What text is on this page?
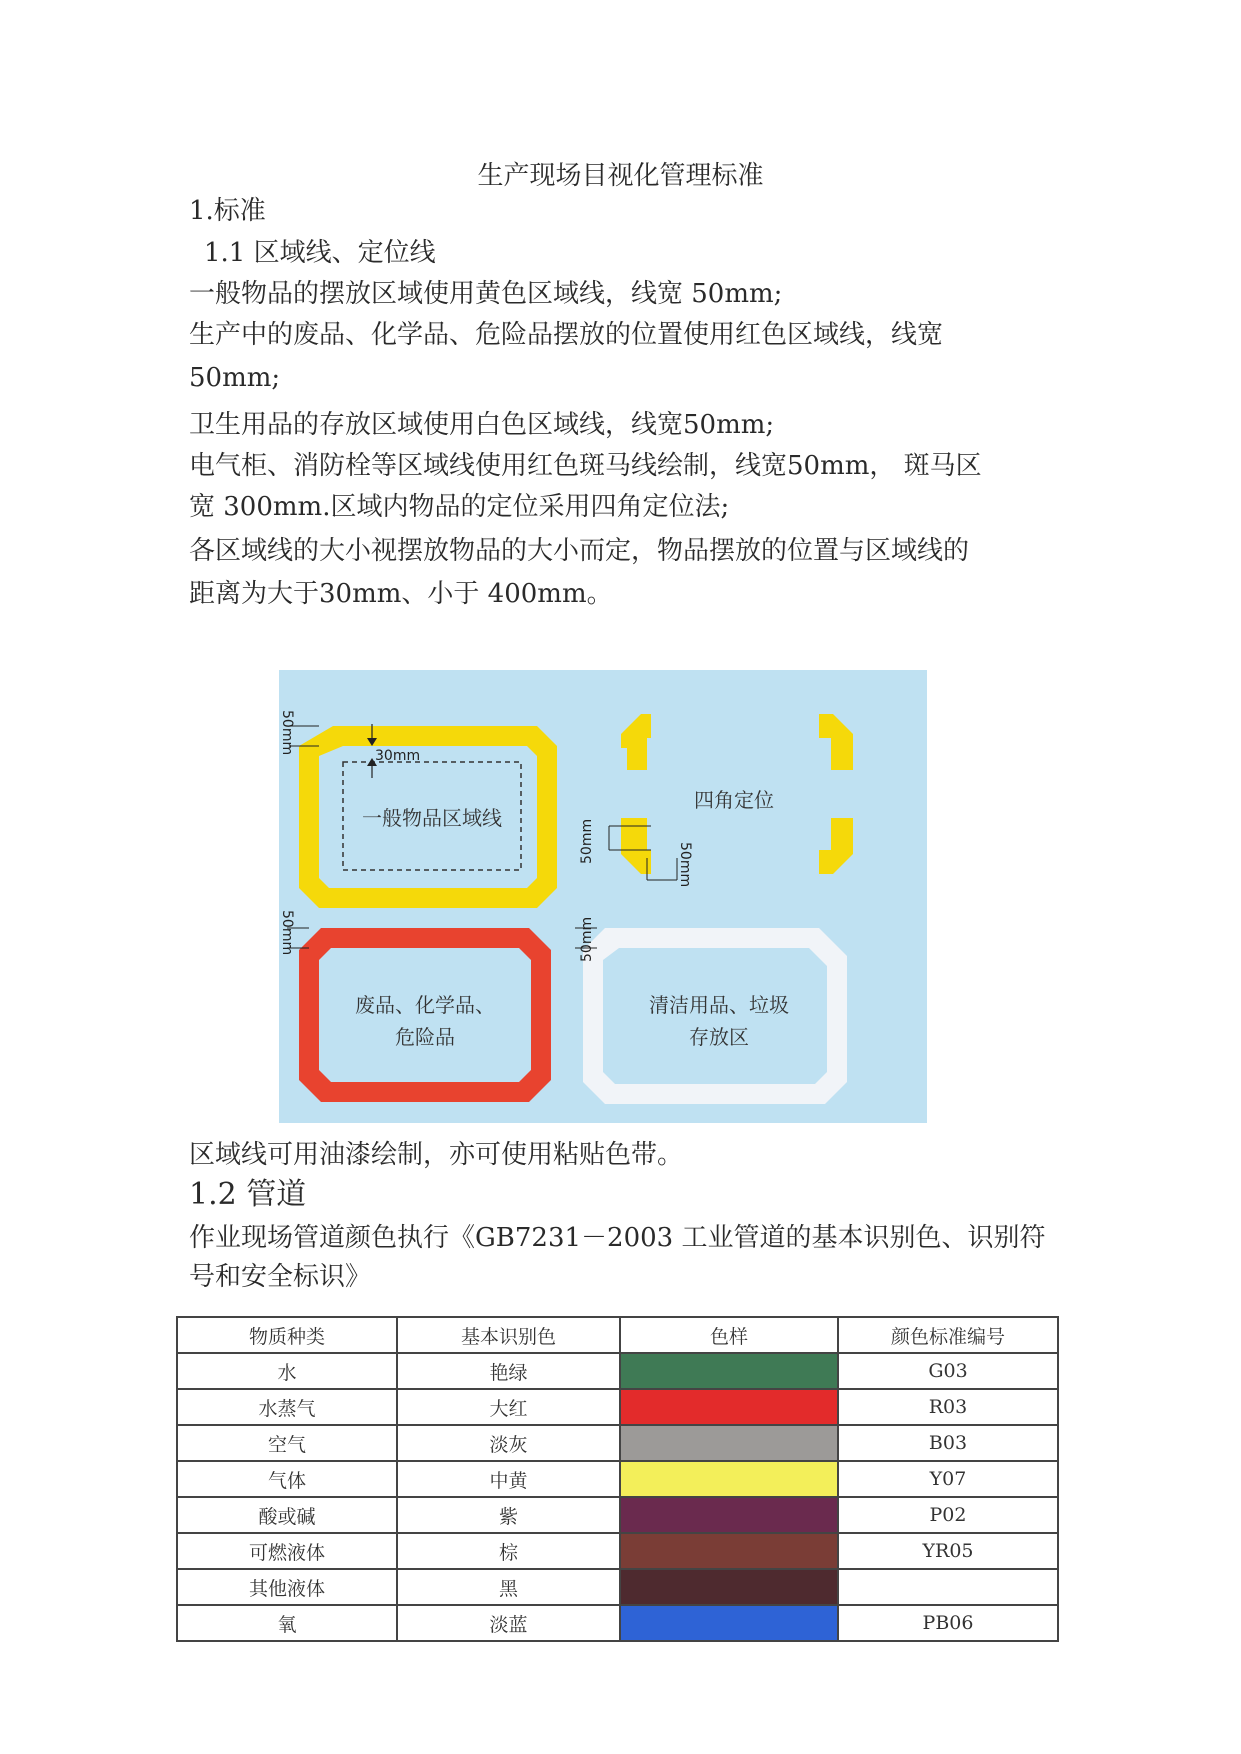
生产现场目视化管理标准
1.标准
1.1 区域线、定位线
一般物品的摆放区域使用黄色区域线，线宽 50mm;
生产中的废品、化学品、危险品摆放的位置使用红色区域线，线宽
50mm;
卫生用品的存放区域使用白色区域线，线宽50mm;
电气柜、消防栓等区域线使用红色斑马线绘制，线宽50mm， 斑马区
宽 300mm.区域内物品的定位采用四角定位法;
各区域线的大小视摆放物品的大小而定，物品摆放的位置与区域线的
距离为大于30mm、小于 400mm。
一般物品区域线
30mm
50mm
四角定位
50mm
50mm
废品、化学品、
危险品
50mm
清洁用品、垃圾
存放区
50mm
区域线可用油漆绘制，亦可使用粘贴色带。
1.2 管道
作业现场管道颜色执行《GB7231－2003 工业管道的基本识别色、识别符
号和安全标识》
物质种类	基本识别色	色样	颜色标准编号
水	艳绿		G03
水蒸气	大红		R03
空气	淡灰		B03
气体	中黄		Y07
酸或碱	紫		P02
可燃液体	棕		YR05
其他液体	黑	

氧	淡蓝		PB06
